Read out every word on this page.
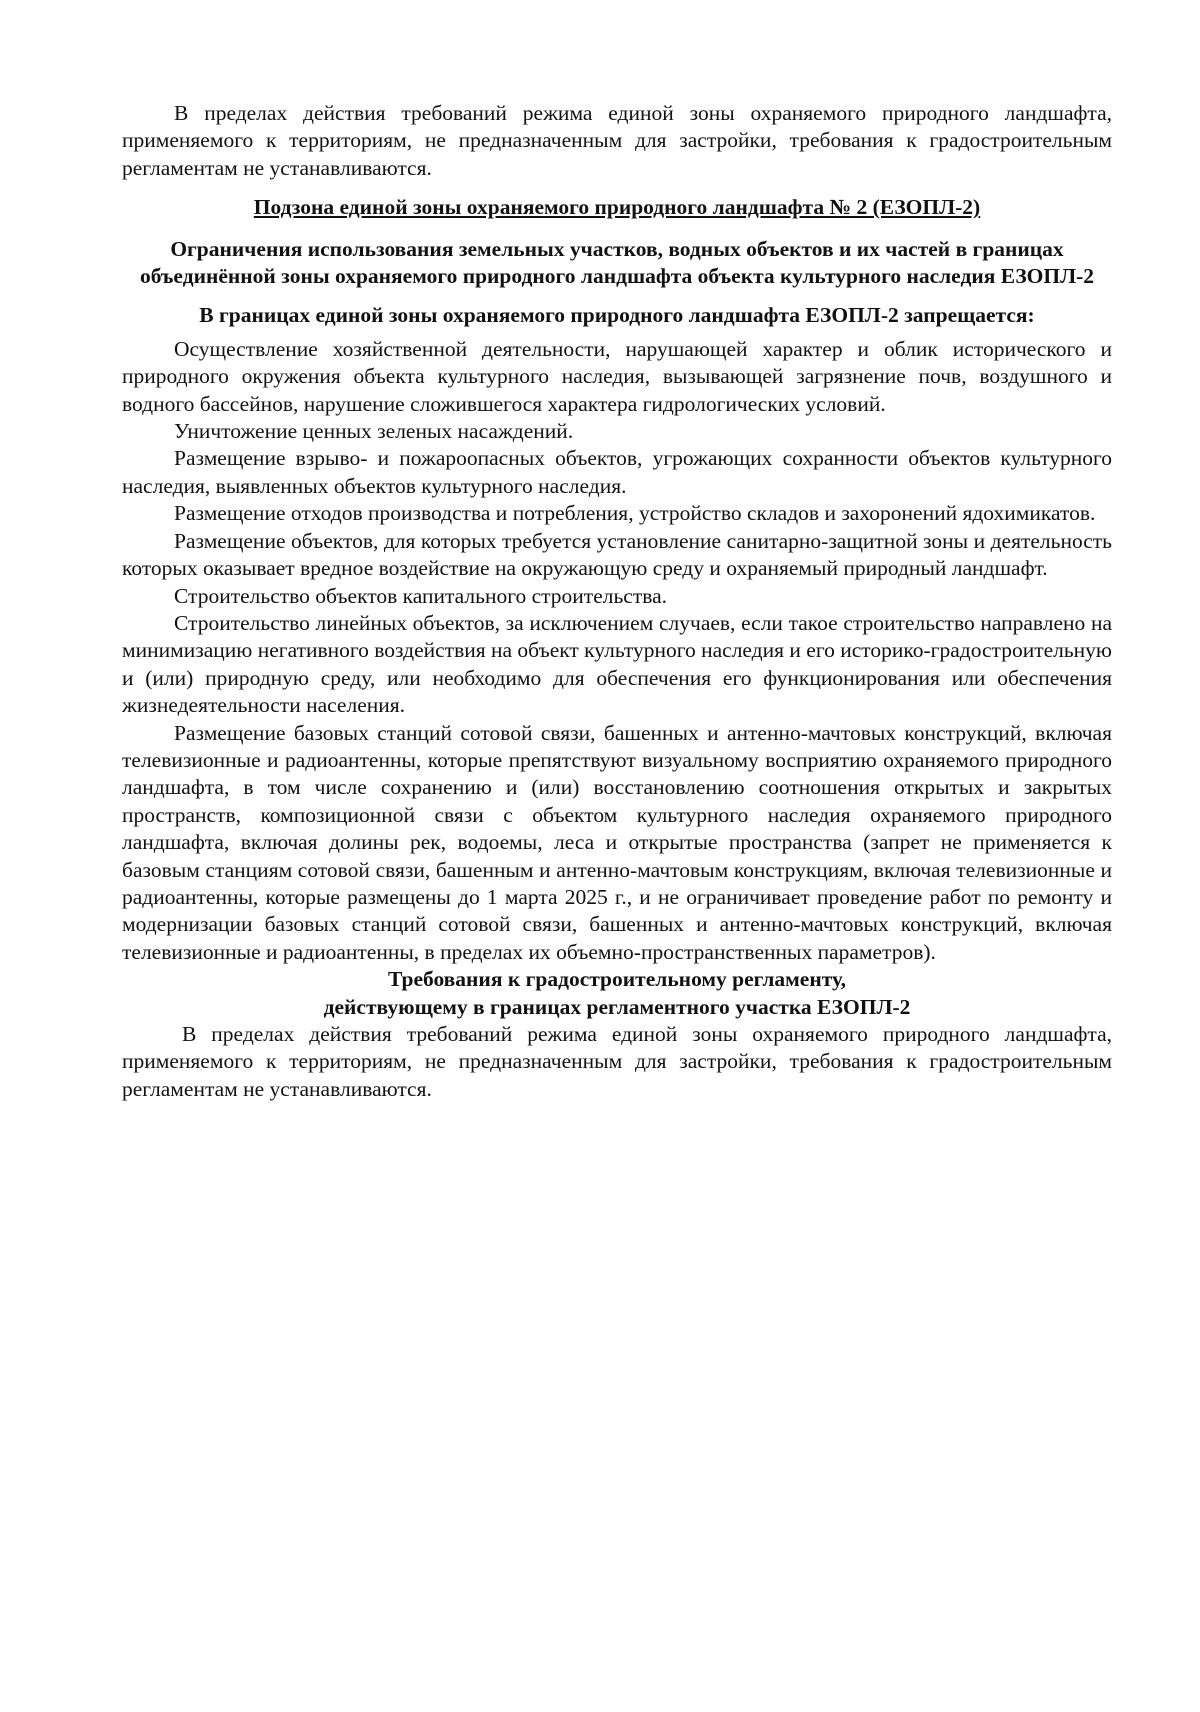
В пределах действия требований режима единой зоны охраняемого природного ландшафта, применяемого к территориям, не предназначенным для застройки, требования к градостроительным регламентам не устанавливаются.

Подзона единой зоны охраняемого природного ландшафта № 2 (ЕЗОПЛ-2)

Ограничения использования земельных участков, водных объектов и их частей в границах объединённой зоны охраняемого природного ландшафта объекта культурного наследия ЕЗОПЛ-2

В границах единой зоны охраняемого природного ландшафта ЕЗОПЛ-2 запрещается:

Осуществление хозяйственной деятельности, нарушающей характер и облик исторического и природного окружения объекта культурного наследия, вызывающей загрязнение почв, воздушного и водного бассейнов, нарушение сложившегося характера гидрологических условий.

Уничтожение ценных зеленых насаждений.

Размещение взрыво- и пожароопасных объектов, угрожающих сохранности объектов культурного наследия, выявленных объектов культурного наследия.

Размещение отходов производства и потребления, устройство складов и захоронений ядохимикатов.

Размещение объектов, для которых требуется установление санитарно-защитной зоны и деятельность которых оказывает вредное воздействие на окружающую среду и охраняемый природный ландшафт.

Строительство объектов капитального строительства.

Строительство линейных объектов, за исключением случаев, если такое строительство направлено на минимизацию негативного воздействия на объект культурного наследия и его историко-градостроительную и (или) природную среду, или необходимо для обеспечения его функционирования или обеспечения жизнедеятельности населения.

Размещение базовых станций сотовой связи, башенных и антенно-мачтовых конструкций, включая телевизионные и радиоантенны, которые препятствуют визуальному восприятию охраняемого природного ландшафта, в том числе сохранению и (или) восстановлению соотношения открытых и закрытых пространств, композиционной связи с объектом культурного наследия охраняемого природного ландшафта, включая долины рек, водоемы, леса и открытые пространства (запрет не применяется к базовым станциям сотовой связи, башенным и антенно-мачтовым конструкциям, включая телевизионные и радиоантенны, которые размещены до 1 марта 2025 г., и не ограничивает проведение работ по ремонту и модернизации базовых станций сотовой связи, башенных и антенно-мачтовых конструкций, включая телевизионные и радиоантенны, в пределах их объемно-пространственных параметров).

Требования к градостроительному регламенту,

действующему в границах регламентного участка ЕЗОПЛ-2

В пределах действия требований режима единой зоны охраняемого природного ландшафта, применяемого к территориям, не предназначенным для застройки, требования к градостроительным регламентам не устанавливаются.
